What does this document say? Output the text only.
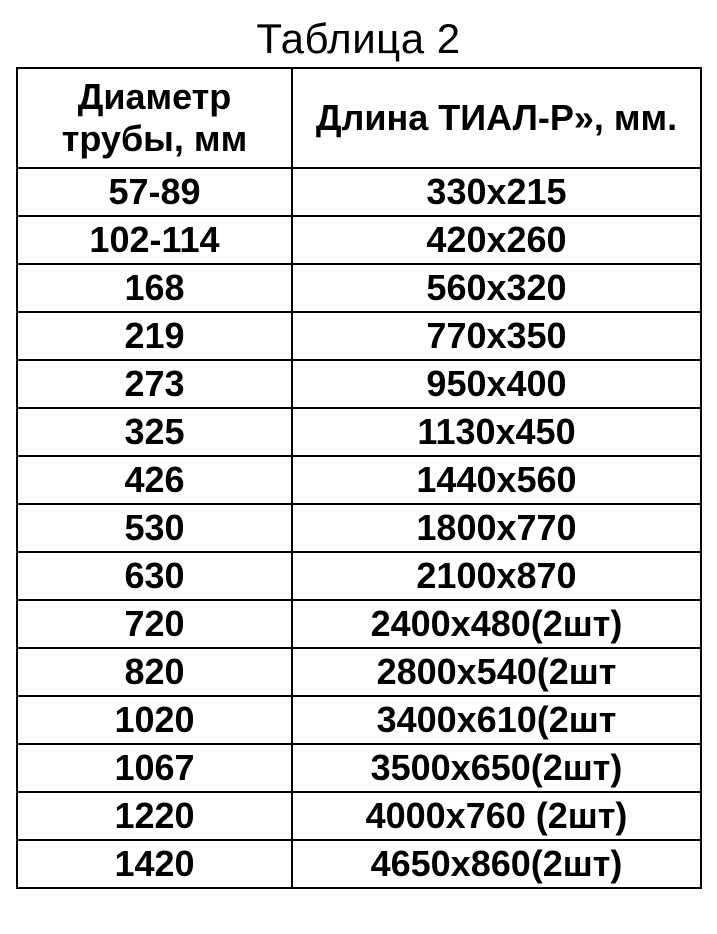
Таблица 2
Диаметр трубы, мм	Длина ТИАЛ-Р», мм.
57-89	330х215
102-114	420х260
168	560х320
219	770х350
273	950х400
325	1130х450
426	1440х560
530	1800х770
630	2100х870
720	2400х480(2шт)
820	2800х540(2шт
1020	3400х610(2шт
1067	3500х650(2шт)
1220	4000х760 (2шт)
1420	4650х860(2шт)
